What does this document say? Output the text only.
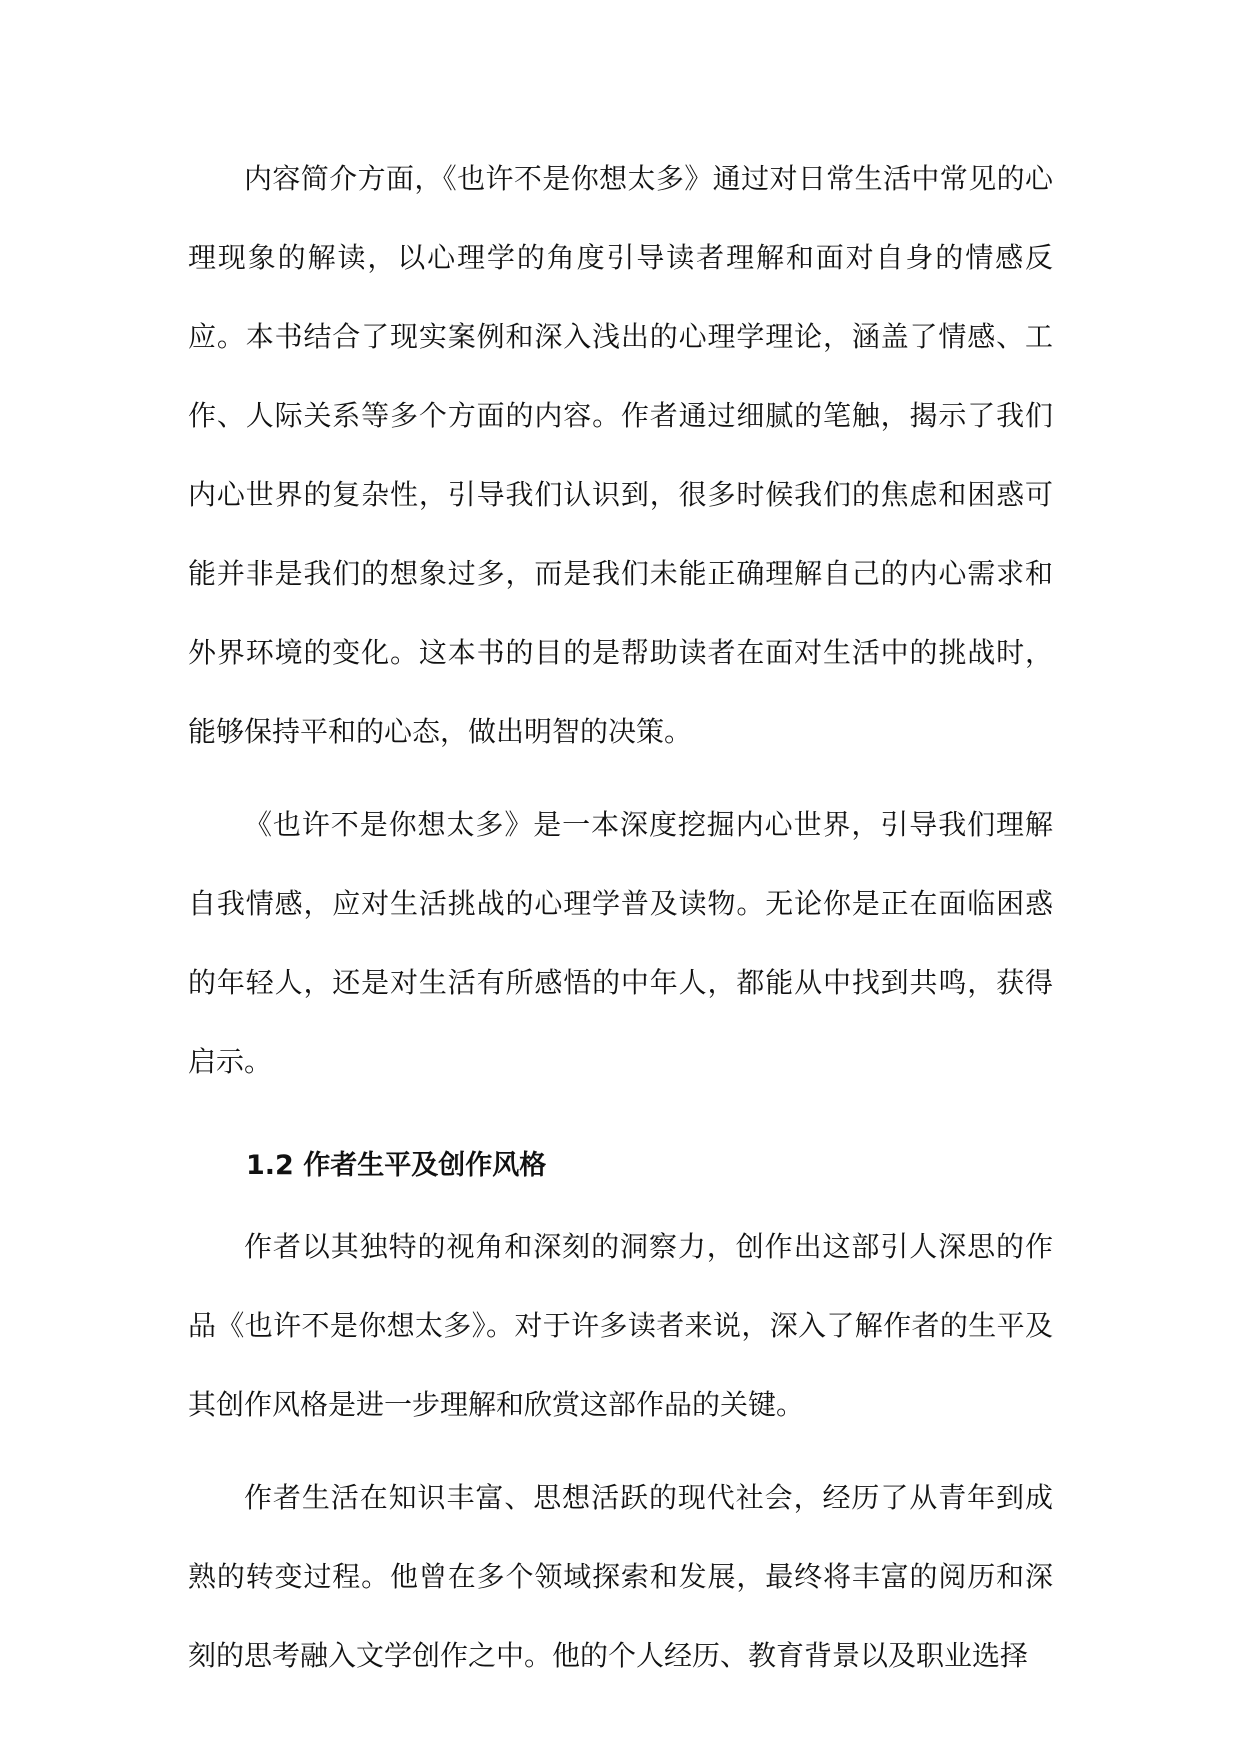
内容简介方面，《也许不是你想太多》通过对日常生活中常见的心理现象的解读，以心理学的角度引导读者理解和面对自身的情感反应。本书结合了现实案例和深入浅出的心理学理论，涵盖了情感、工作、人际关系等多个方面的内容。作者通过细腻的笔触，揭示了我们内心世界的复杂性，引导我们认识到，很多时候我们的焦虑和困惑可能并非是我们的想象过多，而是我们未能正确理解自己的内心需求和外界环境的变化。这本书的目的是帮助读者在面对生活中的挑战时，能够保持平和的心态，做出明智的决策。

《也许不是你想太多》是一本深度挖掘内心世界，引导我们理解自我情感，应对生活挑战的心理学普及读物。无论你是正在面临困惑的年轻人，还是对生活有所感悟的中年人，都能从中找到共鸣，获得启示。

1.2 作者生平及创作风格

作者以其独特的视角和深刻的洞察力，创作出这部引人深思的作品《也许不是你想太多》。对于许多读者来说，深入了解作者的生平及其创作风格是进一步理解和欣赏这部作品的关键。

作者生活在知识丰富、思想活跃的现代社会，经历了从青年到成熟的转变过程。他曾在多个领域探索和发展，最终将丰富的阅历和深刻的思考融入文学创作之中。他的个人经历、教育背景以及职业选择
